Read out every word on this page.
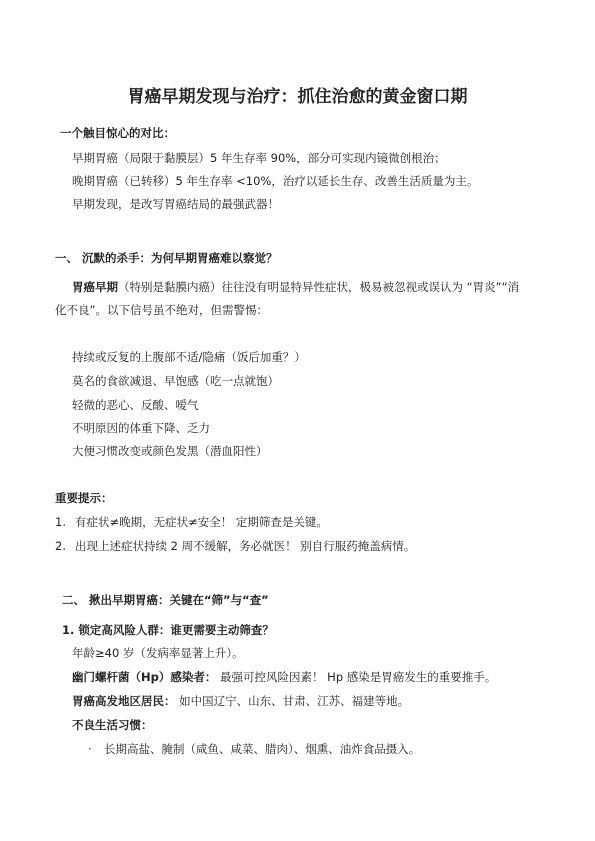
胃癌早期发现与治疗：抓住治愈的黄金窗口期
一个触目惊心的对比：
早期胃癌（局限于黏膜层）5 年生存率 90%，部分可实现内镜微创根治；
晚期胃癌（已转移）5 年生存率 <10%，治疗以延长生存、改善生活质量为主。
早期发现，是改写胃癌结局的最强武器！
一、 沉默的杀手：为何早期胃癌难以察觉？
胃癌早期（特别是黏膜内癌）往往没有明显特异性症状，极易被忽视或误认为 “胃炎”“消
化不良”。以下信号虽不绝对，但需警惕：
持续或反复的上腹部不适/隐痛（饭后加重？）
莫名的食欲减退、早饱感（吃一点就饱）
轻微的恶心、反酸、嗳气
不明原因的体重下降、乏力
大便习惯改变或颜色发黑（潜血阳性）
重要提示：
1. 有症状≠晚期，无症状≠安全！ 定期筛查是关键。
2. 出现上述症状持续 2 周不缓解，务必就医！ 别自行服药掩盖病情。
二、 揪出早期胃癌：关键在“筛”与“查”
1. 锁定高风险人群：谁更需要主动筛查？
年龄≥40 岁（发病率显著上升）。
幽门螺杆菌（Hp）感染者： 最强可控风险因素！ Hp 感染是胃癌发生的重要推手。
胃癌高发地区居民： 如中国辽宁、山东、甘肃、江苏、福建等地。
不良生活习惯：
· 长期高盐、腌制（咸鱼、咸菜、腊肉）、烟熏、油炸食品摄入。
